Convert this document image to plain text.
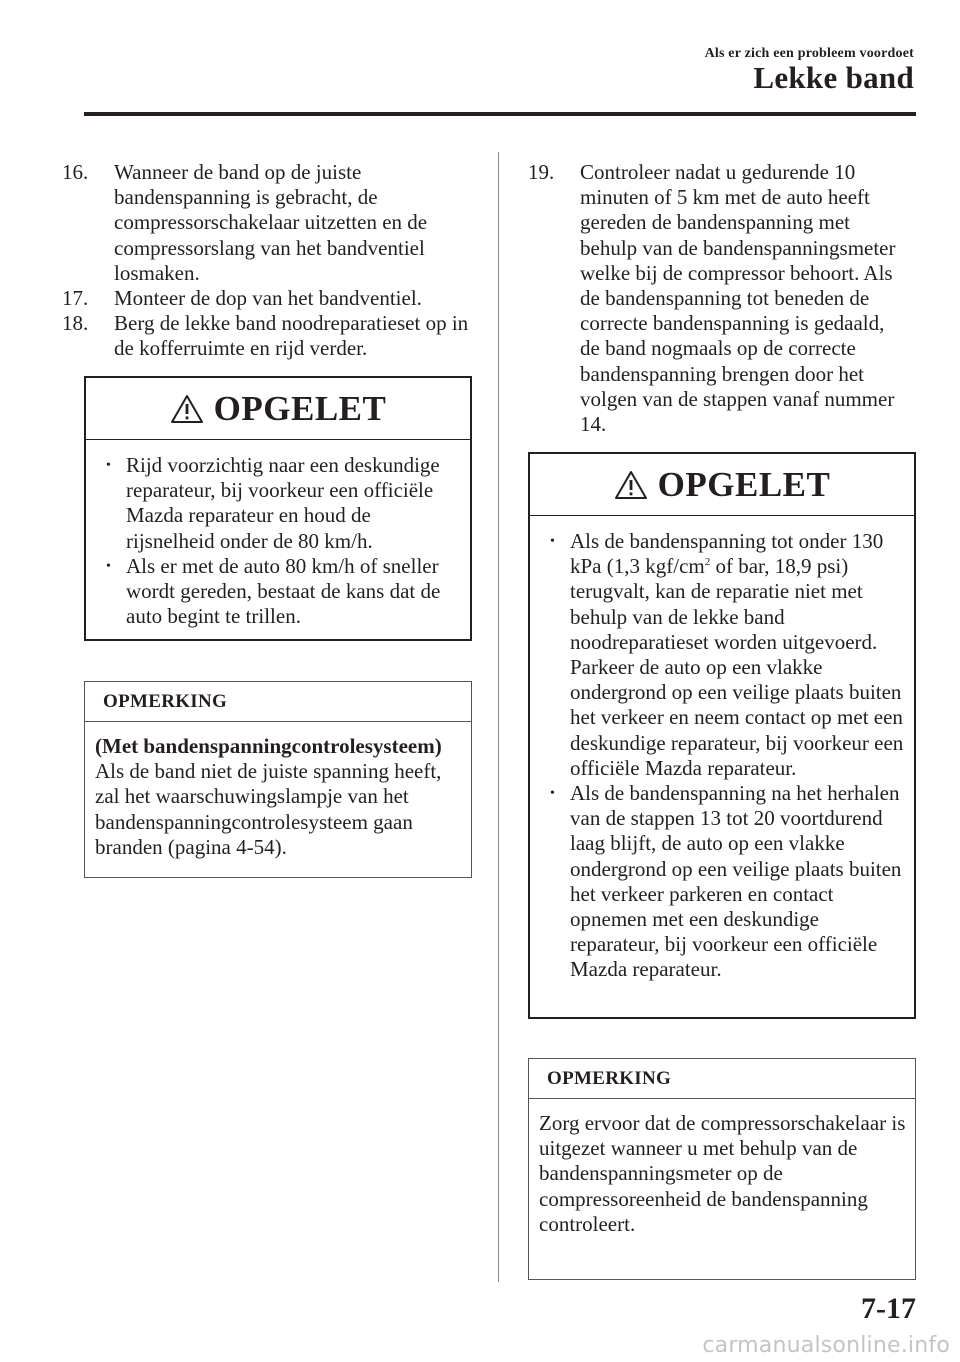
Als er zich een probleem voordoet
Lekke band

16. Wanneer de band op de juiste bandenspanning is gebracht, de compressorschakelaar uitzetten en de compressorslang van het bandventiel losmaken.

17. Monteer de dop van het bandventiel.

18. Berg de lekke band noodreparatieset op in de kofferruimte en rijd verder.

OPGELET

• Rijd voorzichtig naar een deskundige reparateur, bij voorkeur een officiële Mazda reparateur en houd de rijsnelheid onder de 80 km/h.

• Als er met de auto 80 km/h of sneller wordt gereden, bestaat de kans dat de auto begint te trillen.

OPMERKING
(Met bandenspanningcontrolesysteem)
Als de band niet de juiste spanning heeft, zal het waarschuwingslampje van het bandenspanningcontrolesysteem gaan branden (pagina 4-54).

19. Controleer nadat u gedurende 10 minuten of 5 km met de auto heeft gereden de bandenspanning met behulp van de bandenspanningsmeter welke bij de compressor behoort. Als de bandenspanning tot beneden de correcte bandenspanning is gedaald, de band nogmaals op de correcte bandenspanning brengen door het volgen van de stappen vanaf nummer 14.

OPGELET

• Als de bandenspanning tot onder 130 kPa (1,3 kgf/$cm^2$ of bar, 18,9 psi) terugvalt, kan de reparatie niet met behulp van de lekke band noodreparatieset worden uitgevoerd. Parkeer de auto op een vlakke ondergrond op een veilige plaats buiten het verkeer en neem contact op met een deskundige reparateur, bij voorkeur een officiële Mazda reparateur.

• Als de bandenspanning na het herhalen van de stappen 13 tot 20 voortdurend laag blijft, de auto op een vlakke ondergrond op een veilige plaats buiten het verkeer parkeren en contact opnemen met een deskundige reparateur, bij voorkeur een officiële Mazda reparateur.

OPMERKING
Zorg ervoor dat de compressorschakelaar is uitgezet wanneer u met behulp van de bandenspanningsmeter op de compressoreenheid de bandenspanning controleert.
7-17
carmanualsonline.info
